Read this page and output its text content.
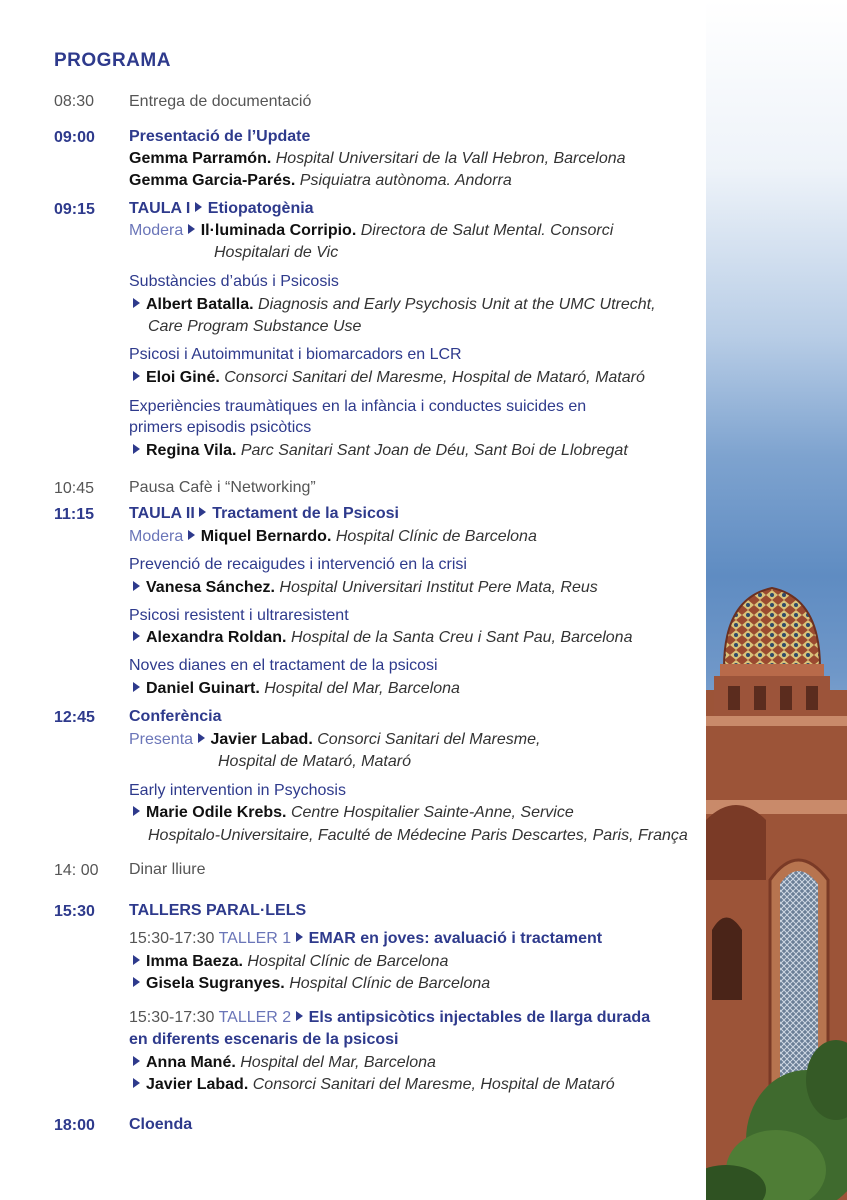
PROGRAMA
08:30 Entrega de documentació
09:00 Presentació de l’Update
Gemma Parramón. Hospital Universitari de la Vall Hebron, Barcelona
Gemma Garcia-Parés. Psiquiatra autònoma. Andorra
09:15 TAULA I Etiopatogènia
Modera Il·luminada Corripio. Directora de Salut Mental. Consorci
Hospitalari de Vic
Substàncies d’abús i Psicosis
Albert Batalla. Diagnosis and Early Psychosis Unit at the UMC Utrecht,
Care Program Substance Use
Psicosi i Autoimmunitat i biomarcadors en LCR
Eloi Giné. Consorci Sanitari del Maresme, Hospital de Mataró, Mataró
Experiències traumàtiques en la infància i conductes suicides en
primers episodis psicòtics
Regina Vila. Parc Sanitari Sant Joan de Déu, Sant Boi de Llobregat
10:45 Pausa Cafè i “Networking”
11:15 TAULA II Tractament de la Psicosi
Modera Miquel Bernardo. Hospital Clínic de Barcelona
Prevenció de recaigudes i intervenció en la crisi
Vanesa Sánchez. Hospital Universitari Institut Pere Mata, Reus
Psicosi resistent i ultraresistent
Alexandra Roldan. Hospital de la Santa Creu i Sant Pau, Barcelona
Noves dianes en el tractament de la psicosi
Daniel Guinart. Hospital del Mar, Barcelona
12:45 Conferència
Presenta Javier Labad. Consorci Sanitari del Maresme,
Hospital de Mataró, Mataró
Early intervention in Psychosis
Marie Odile Krebs. Centre Hospitalier Sainte-Anne, Service
Hospitalo-Universitaire, Faculté de Médecine Paris Descartes, Paris, França
14: 00 Dinar lliure
15:30 TALLERS PARAL·LELS
15:30-17:30 TALLER 1 EMAR en joves: avaluació i tractament
Imma Baeza. Hospital Clínic de Barcelona
Gisela Sugranyes. Hospital Clínic de Barcelona
15:30-17:30 TALLER 2 Els antipsicòtics injectables de llarga durada
en diferents escenaris de la psicosi
Anna Mané. Hospital del Mar, Barcelona
Javier Labad. Consorci Sanitari del Maresme, Hospital de Mataró
18:00 Cloenda
